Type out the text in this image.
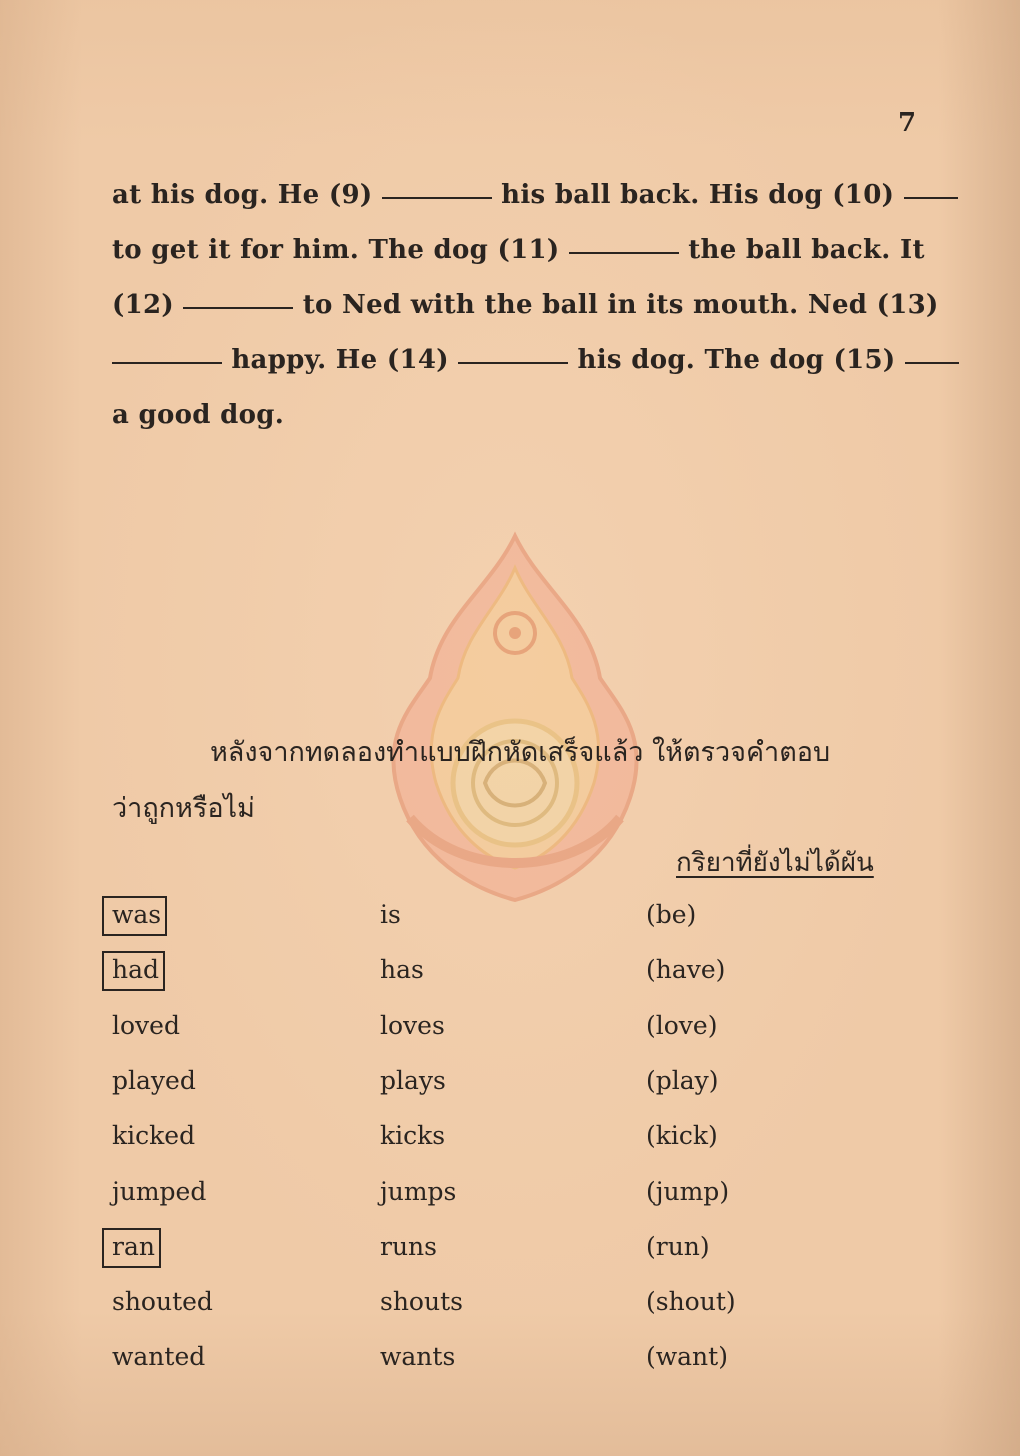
7
at his dog. He (9)	his ball back. His dog (10)
to get it for him. The dog (11)	the ball back. It
(12)	to Ned with the ball in its mouth. Ned (13)
happy. He (14)	his dog. The dog (15)
a good dog.
หลังจากทดลองทำแบบฝึกหัดเสร็จแล้ว ให้ตรวจคำตอบ
ว่าถูกหรือไม่
กริยาที่ยังไม่ได้ผัน
was	is	(be)
had	has	(have)
loved	loves	(love)
played	plays	(play)
kicked	kicks	(kick)
jumped	jumps	(jump)
ran	runs	(run)
shouted	shouts	(shout)
wanted	wants	(want)
